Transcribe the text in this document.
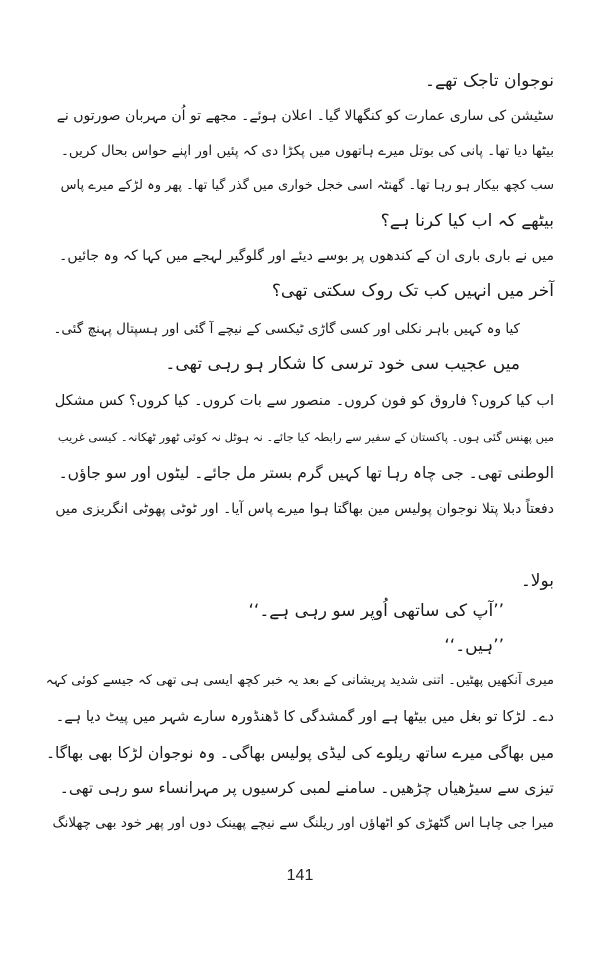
نوجوان تاجک تھے۔
سٹیشن کی ساری عمارت کو کنگھالا گیا۔ اعلان ہوئے۔ مجھے تو اُن مہربان صورتوں نے
بیٹھا دیا تھا۔ پانی کی بوتل میرے ہاتھوں میں پکڑا دی کہ پئیں اور اپنے حواس بحال کریں۔
سب کچھ بیکار ہو رہا تھا۔ گھنٹہ اسی خجل خواری میں گذر گیا تھا۔ پھر وہ لڑکے میرے پاس
بیٹھے کہ اب کیا کرنا ہے؟
میں نے باری باری ان کے کندھوں پر بوسے دیئے اور گلوگیر لہجے میں کہا کہ وہ جائیں۔
آخر میں انہیں کب تک روک سکتی تھی؟
کیا وہ کہیں باہر نکلی اور کسی گاڑی ٹیکسی کے نیچے آ گئی اور ہسپتال پہنچ گئی۔
میں عجیب سی خود ترسی کا شکار ہو رہی تھی۔
اب کیا کروں؟ فاروق کو فون کروں۔ منصور سے بات کروں۔ کیا کروں؟ کس مشکل
میں پھنس گئی ہوں۔ پاکستان کے سفیر سے رابطہ کیا جائے۔ نہ ہوٹل نہ کوئی ٹھور ٹھکانہ۔ کیسی غریب
الوطنی تھی۔ جی چاہ رہا تھا کہیں گرم بستر مل جائے۔ لیٹوں اور سو جاؤں۔
دفعتاً دبلا پتلا نوجوان پولیس مین بھاگتا ہوا میرے پاس آیا۔ اور ٹوٹی پھوٹی انگریزی میں
بولا۔
’’آپ کی ساتھی اُوپر سو رہی ہے۔‘‘
’’ہیں۔‘‘
میری آنکھیں پھٹیں۔ اتنی شدید پریشانی کے بعد یہ خبر کچھ ایسی ہی تھی کہ جیسے کوئی کہہ
دے۔ لڑکا تو بغل میں بیٹھا ہے اور گمشدگی کا ڈھنڈورہ سارے شہر میں پیٹ دیا ہے۔
میں بھاگی میرے ساتھ ریلوے کی لیڈی پولیس بھاگی۔ وہ نوجوان لڑکا بھی بھاگا۔
تیزی سے سیڑھیاں چڑھیں۔ سامنے لمبی کرسیوں پر مہرانساء سو رہی تھی۔
میرا جی چاہا اس گٹھڑی کو اٹھاؤں اور ریلنگ سے نیچے پھینک دوں اور پھر خود بھی چھلانگ
141
